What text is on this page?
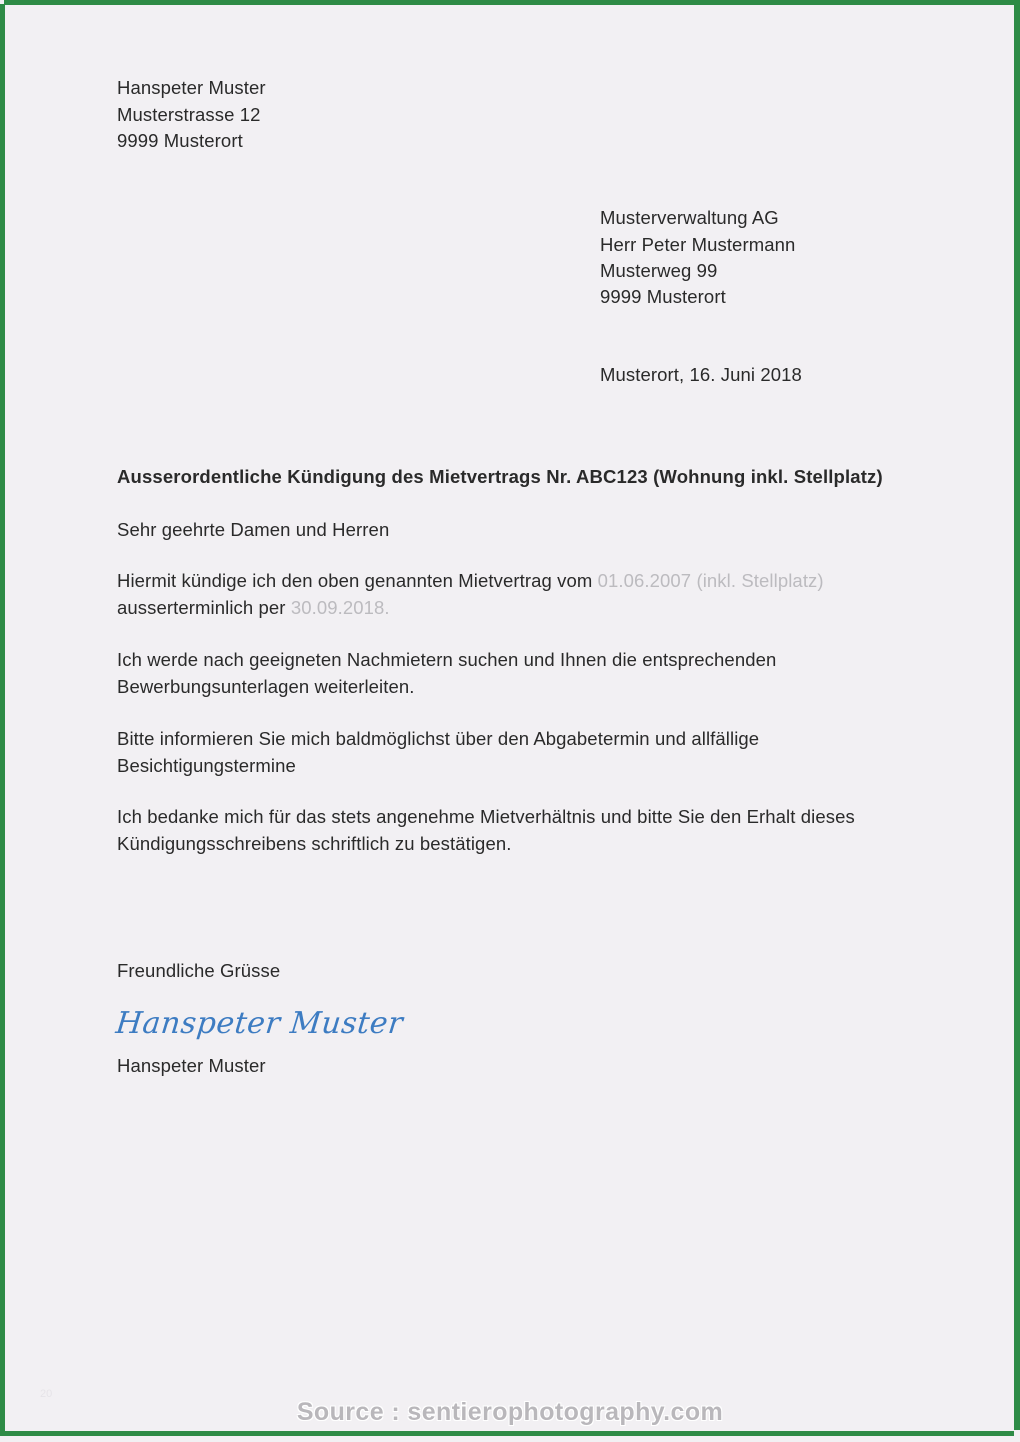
Hanspeter Muster
Musterstrasse 12
9999 Musterort
Musterverwaltung AG
Herr Peter Mustermann
Musterweg 99
9999 Musterort
Musterort, 16. Juni 2018
Ausserordentliche Kündigung des Mietvertrags Nr. ABC123 (Wohnung inkl. Stellplatz)
Sehr geehrte Damen und Herren
Hiermit kündige ich den oben genannten Mietvertrag vom 01.06.2007 (inkl. Stellplatz) ausserterminlich per 30.09.2018.
Ich werde nach geeigneten Nachmietern suchen und Ihnen die entsprechenden Bewerbungsunterlagen weiterleiten.
Bitte informieren Sie mich baldmöglichst über den Abgabetermin und allfällige Besichtigungstermine
Ich bedanke mich für das stets angenehme Mietverhältnis und bitte Sie den Erhalt dieses Kündigungsschreibens schriftlich zu bestätigen.
Freundliche Grüsse
Hanspeter Muster
Hanspeter Muster
20
Source : sentierophotography.com
